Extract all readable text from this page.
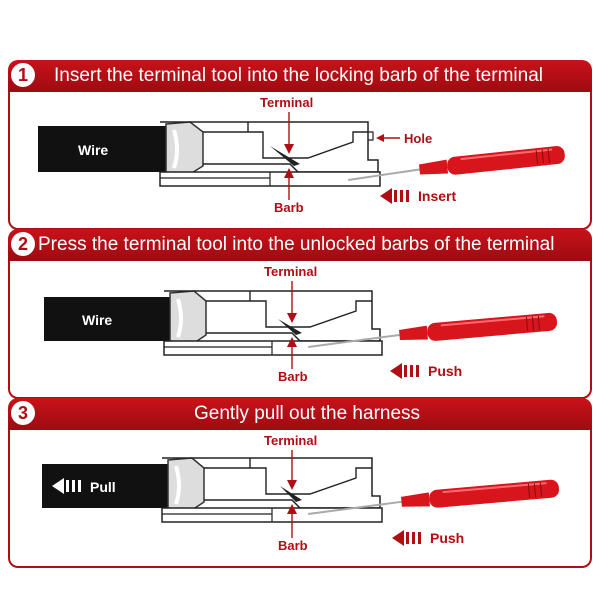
1	Insert the terminal tool into the locking barb of the terminal
Wire
Terminal
Barb
Hole
Insert
2 Press the terminal tool into the unlocked barbs of the terminal
Wire
Terminal
Barb	Push
3	Gently pull out the harness
Pull
Terminal
Barb	Push
